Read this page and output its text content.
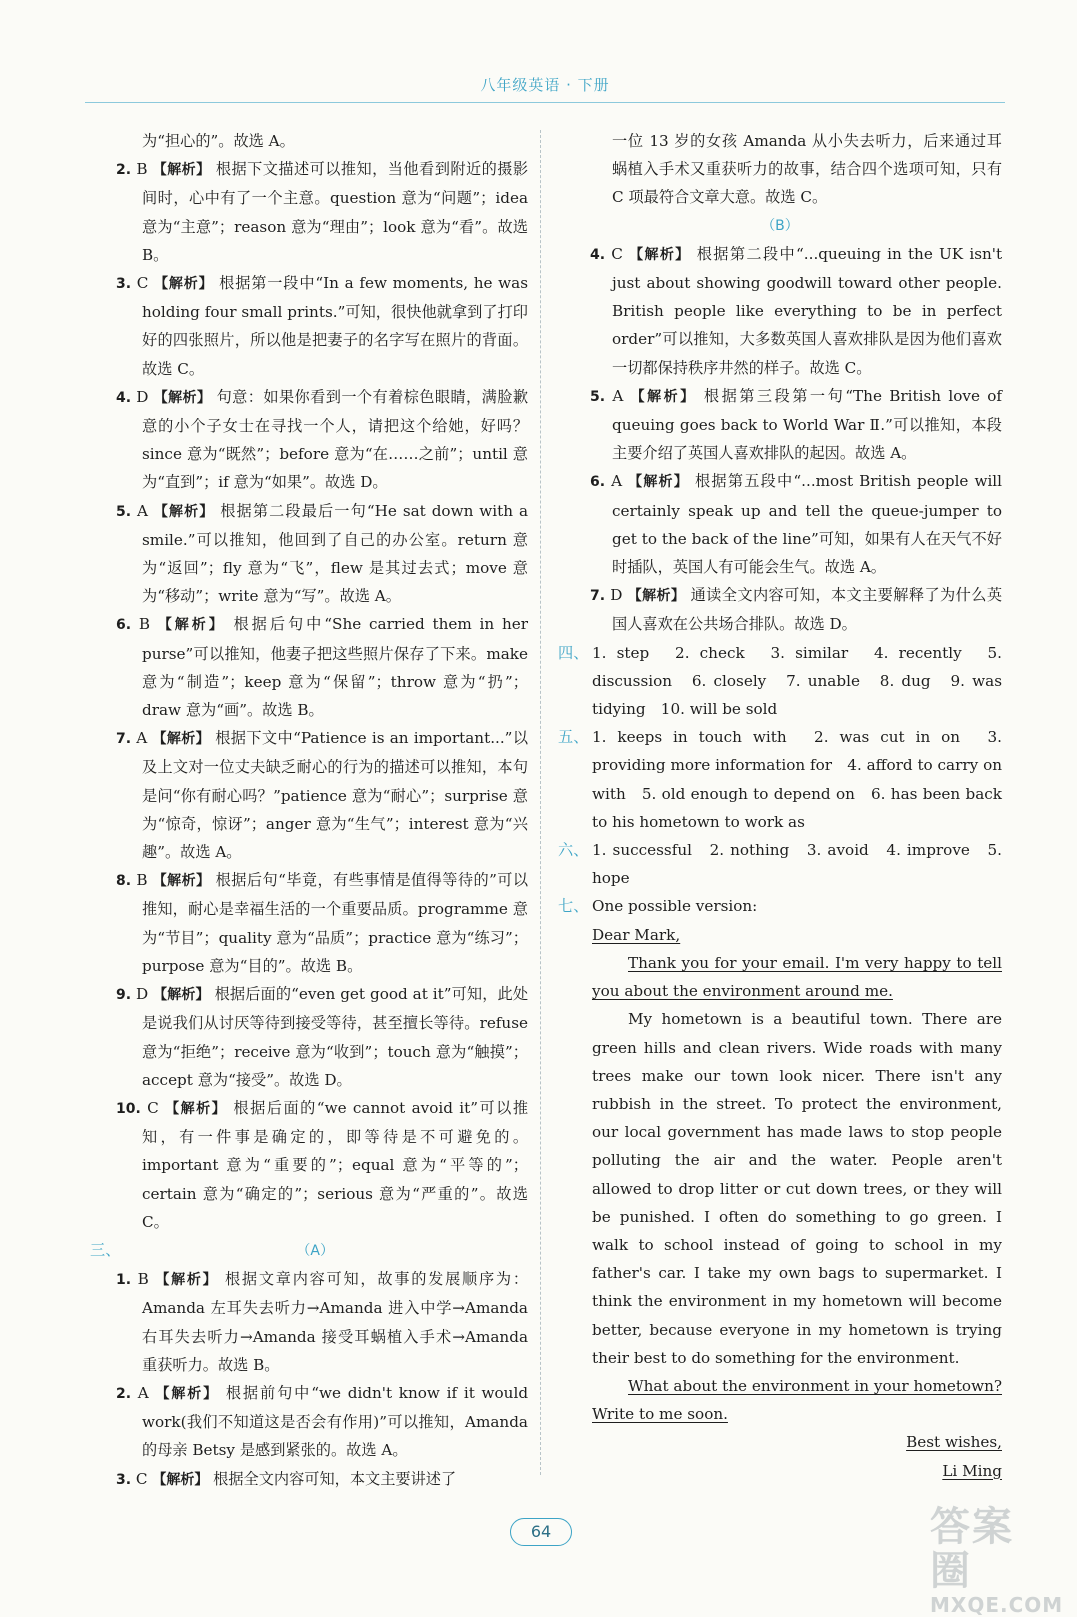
八年级英语 · 下册
为“担心的”。故选 A。
2. B 【解析】 根据下文描述可以推知，当他看到附近的摄影间时，心中有了一个主意。question 意为“问题”；idea 意为“主意”；reason 意为“理由”；look 意为“看”。故选 B。
3. C 【解析】 根据第一段中“In a few moments, he was holding four small prints.”可知，很快他就拿到了打印好的四张照片，所以他是把妻子的名字写在照片的背面。故选 C。
4. D 【解析】 句意：如果你看到一个有着棕色眼睛，满脸歉意的小个子女士在寻找一个人，请把这个给她，好吗？since 意为“既然”；before 意为“在……之前”；until 意为“直到”；if 意为“如果”。故选 D。
5. A 【解析】 根据第二段最后一句“He sat down with a smile.”可以推知，他回到了自己的办公室。return 意为“返回”；fly 意为“飞”，flew 是其过去式；move 意为“移动”；write 意为“写”。故选 A。
6. B 【解析】 根据后句中“She carried them in her purse”可以推知，他妻子把这些照片保存了下来。make 意为“制造”；keep 意为“保留”；throw 意为“扔”；draw 意为“画”。故选 B。
7. A 【解析】 根据下文中“Patience is an important...”以及上文对一位丈夫缺乏耐心的行为的描述可以推知，本句是问“你有耐心吗？”patience 意为“耐心”；surprise 意为“惊奇，惊讶”；anger 意为“生气”；interest 意为“兴趣”。故选 A。
8. B 【解析】 根据后句“毕竟，有些事情是值得等待的”可以推知，耐心是幸福生活的一个重要品质。programme 意为“节目”；quality 意为“品质”；practice 意为“练习”；purpose 意为“目的”。故选 B。
9. D 【解析】 根据后面的“even get good at it”可知，此处是说我们从讨厌等待到接受等待，甚至擅长等待。refuse 意为“拒绝”；receive 意为“收到”；touch 意为“触摸”；accept 意为“接受”。故选 D。
10. C 【解析】 根据后面的“we cannot avoid it”可以推知，有一件事是确定的，即等待是不可避免的。important 意为“重要的”；equal 意为“平等的”；certain 意为“确定的”；serious 意为“严重的”。故选 C。
三、	（A）
1. B 【解析】 根据文章内容可知，故事的发展顺序为：Amanda 左耳失去听力→Amanda 进入中学→Amanda 右耳失去听力→Amanda 接受耳蜗植入手术→Amanda 重获听力。故选 B。
2. A 【解析】 根据前句中“we didn't know if it would work(我们不知道这是否会有作用)”可以推知，Amanda 的母亲 Betsy 是感到紧张的。故选 A。
3. C 【解析】 根据全文内容可知，本文主要讲述了
一位 13 岁的女孩 Amanda 从小失去听力，后来通过耳蜗植入手术又重获听力的故事，结合四个选项可知，只有 C 项最符合文章大意。故选 C。
（B）
4. C 【解析】 根据第二段中“...queuing in the UK isn't just about showing goodwill toward other people. British people like everything to be in perfect order”可以推知，大多数英国人喜欢排队是因为他们喜欢一切都保持秩序井然的样子。故选 C。
5. A 【解析】 根据第三段第一句“The British love of queuing goes back to World War Ⅱ.”可以推知，本段主要介绍了英国人喜欢排队的起因。故选 A。
6. A 【解析】 根据第五段中“...most British people will certainly speak up and tell the queue-jumper to get to the back of the line”可知，如果有人在天气不好时插队，英国人有可能会生气。故选 A。
7. D 【解析】 通读全文内容可知，本文主要解释了为什么英国人喜欢在公共场合排队。故选 D。
四、 1. step　2. check　3. similar　4. recently　5. discussion　6. closely　7. unable　8. dug　9. was tidying　10. will be sold
五、 1. keeps in touch with　2. was cut in on　3. providing more information for　4. afford to carry on with　5. old enough to depend on　6. has been back to his hometown to work as
六、 1. successful　2. nothing　3. avoid　4. improve　5. hope
七、 One possible version:
Dear Mark,
Thank you for your email. I'm very happy to tell you about the environment around me.
My hometown is a beautiful town. There are green hills and clean rivers. Wide roads with many trees make our town look nicer. There isn't any rubbish in the street. To protect the environment, our local government has made laws to stop people polluting the air and the water. People aren't allowed to drop litter or cut down trees, or they will be punished. I often do something to go green. I walk to school instead of going to school in my father's car. I take my own bags to supermarket. I think the environment in my hometown will become better, because everyone in my hometown is trying their best to do something for the environment.
What about the environment in your hometown? Write to me soon.
Best wishes,
Li Ming
64	答案圈
MXQE.COM
